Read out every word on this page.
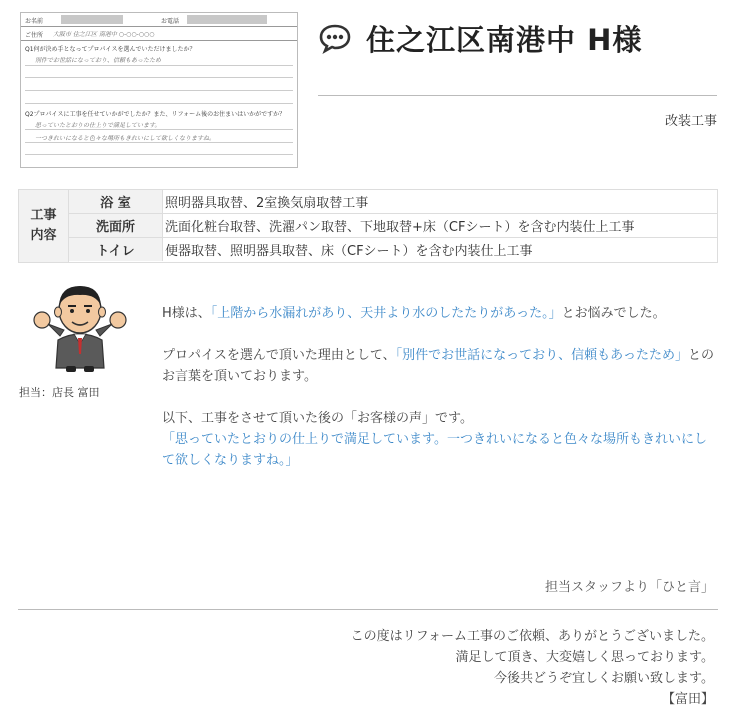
お名前	お電話
ご住所 大阪市 住之江区 南港中 ○-○○-○○○
Q1何が決め手となってプロパイスを選んでいただけましたか？
別件でお世話になっており、信頼もあったため
Q2プロパイスに工事を任せていかがでしたか？また、リフォーム後のお住まいはいかがですか？
思っていたとおりの仕上りで満足しています。
一つきれいになると色々な場所もきれいにして欲しくなりますね。
住之江区南港中 H様
改装工事
工事
内容
浴 室	照明器具取替、2室換気扇取替工事
洗面所	洗面化粧台取替、洗濯パン取替、下地取替+床（CFシート）を含む内装仕上工事
トイレ	便器取替、照明器具取替、床（CFシート）を含む内装仕上工事
担当：店長 富田
H様は、「上階から水漏れがあり、天井より水のしたたりがあった。」とお悩みでした。
プロパイスを選んで頂いた理由として、「別件でお世話になっており、信頼もあったため」とのお言葉を頂いております。
以下、工事をさせて頂いた後の「お客様の声」です。
「思っていたとおりの仕上りで満足しています。一つきれいになると色々な場所もきれいにして欲しくなりますね。」
担当スタッフより「ひと言」
この度はリフォーム工事のご依頼、ありがとうございました。
満足して頂き、大変嬉しく思っております。
今後共どうぞ宜しくお願い致します。
【富田】
